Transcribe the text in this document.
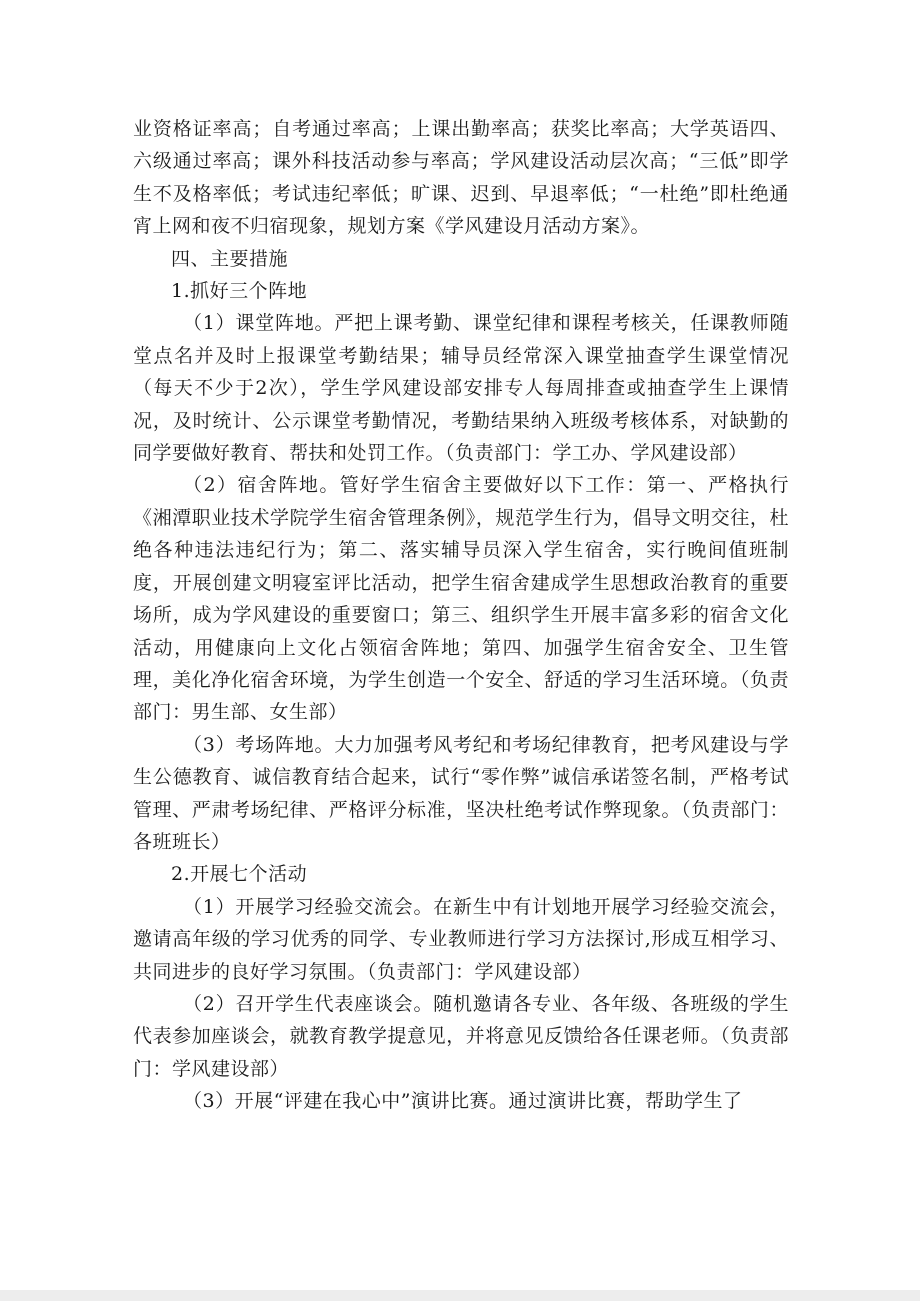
业资格证率高；自考通过率高；上课出勤率高；获奖比率高；大学英语四、六级通过率高；课外科技活动参与率高；学风建设活动层次高；“三低”即学生不及格率低；考试违纪率低；旷课、迟到、早退率低；“一杜绝”即杜绝通宵上网和夜不归宿现象，规划方案《学风建设月活动方案》。

四、主要措施

1.抓好三个阵地

（1）课堂阵地。严把上课考勤、课堂纪律和课程考核关，任课教师随堂点名并及时上报课堂考勤结果；辅导员经常深入课堂抽查学生课堂情况（每天不少于2次），学生学风建设部安排专人每周排查或抽查学生上课情况，及时统计、公示课堂考勤情况，考勤结果纳入班级考核体系，对缺勤的同学要做好教育、帮扶和处罚工作。（负责部门：学工办、学风建设部）

（2）宿舍阵地。管好学生宿舍主要做好以下工作：第一、严格执行《湘潭职业技术学院学生宿舍管理条例》，规范学生行为，倡导文明交往，杜绝各种违法违纪行为；第二、落实辅导员深入学生宿舍，实行晚间值班制度，开展创建文明寝室评比活动，把学生宿舍建成学生思想政治教育的重要场所，成为学风建设的重要窗口；第三、组织学生开展丰富多彩的宿舍文化活动，用健康向上文化占领宿舍阵地；第四、加强学生宿舍安全、卫生管理，美化净化宿舍环境，为学生创造一个安全、舒适的学习生活环境。（负责部门：男生部、女生部）

（3）考场阵地。大力加强考风考纪和考场纪律教育，把考风建设与学生公德教育、诚信教育结合起来，试行“零作弊”诚信承诺签名制，严格考试管理、严肃考场纪律、严格评分标准，坚决杜绝考试作弊现象。（负责部门：各班班长）

2.开展七个活动

（1）开展学习经验交流会。在新生中有计划地开展学习经验交流会，邀请高年级的学习优秀的同学、专业教师进行学习方法探讨,形成互相学习、共同进步的良好学习氛围。（负责部门：学风建设部）

（2）召开学生代表座谈会。随机邀请各专业、各年级、各班级的学生代表参加座谈会，就教育教学提意见，并将意见反馈给各任课老师。（负责部门：学风建设部）

（3）开展“评建在我心中”演讲比赛。通过演讲比赛，帮助学生了
